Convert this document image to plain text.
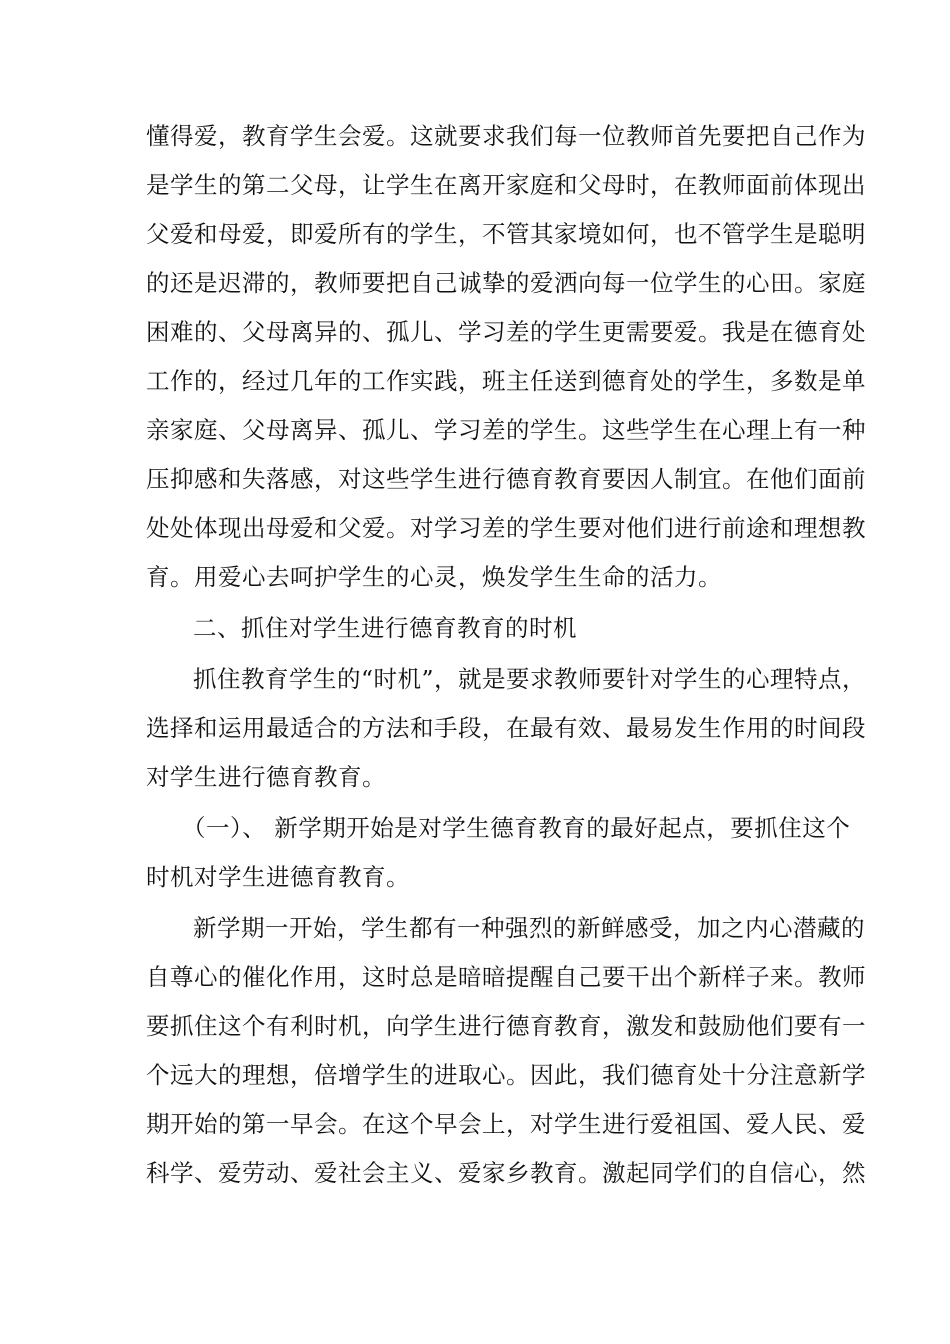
懂得爱，教育学生会爱。这就要求我们每一位教师首先要把自己作为
是学生的第二父母，让学生在离开家庭和父母时，在教师面前体现出
父爱和母爱，即爱所有的学生，不管其家境如何，也不管学生是聪明
的还是迟滞的，教师要把自己诚挚的爱洒向每一位学生的心田。家庭
困难的、父母离异的、孤儿、学习差的学生更需要爱。我是在德育处
工作的，经过几年的工作实践，班主任送到德育处的学生，多数是单
亲家庭、父母离异、孤儿、学习差的学生。这些学生在心理上有一种
压抑感和失落感，对这些学生进行德育教育要因人制宜。在他们面前
处处体现出母爱和父爱。对学习差的学生要对他们进行前途和理想教
育。用爱心去呵护学生的心灵，焕发学生生命的活力。
二、抓住对学生进行德育教育的时机
抓住教育学生的“时机”，就是要求教师要针对学生的心理特点，
选择和运用最适合的方法和手段，在最有效、最易发生作用的时间段
对学生进行德育教育。
（一）、 新学期开始是对学生德育教育的最好起点，要抓住这个
时机对学生进德育教育。
新学期一开始，学生都有一种强烈的新鲜感受，加之内心潜藏的
自尊心的催化作用，这时总是暗暗提醒自己要干出个新样子来。教师
要抓住这个有利时机，向学生进行德育教育，激发和鼓励他们要有一
个远大的理想，倍增学生的进取心。因此，我们德育处十分注意新学
期开始的第一早会。在这个早会上，对学生进行爱祖国、爱人民、爱
科学、爱劳动、爱社会主义、爱家乡教育。激起同学们的自信心，然
